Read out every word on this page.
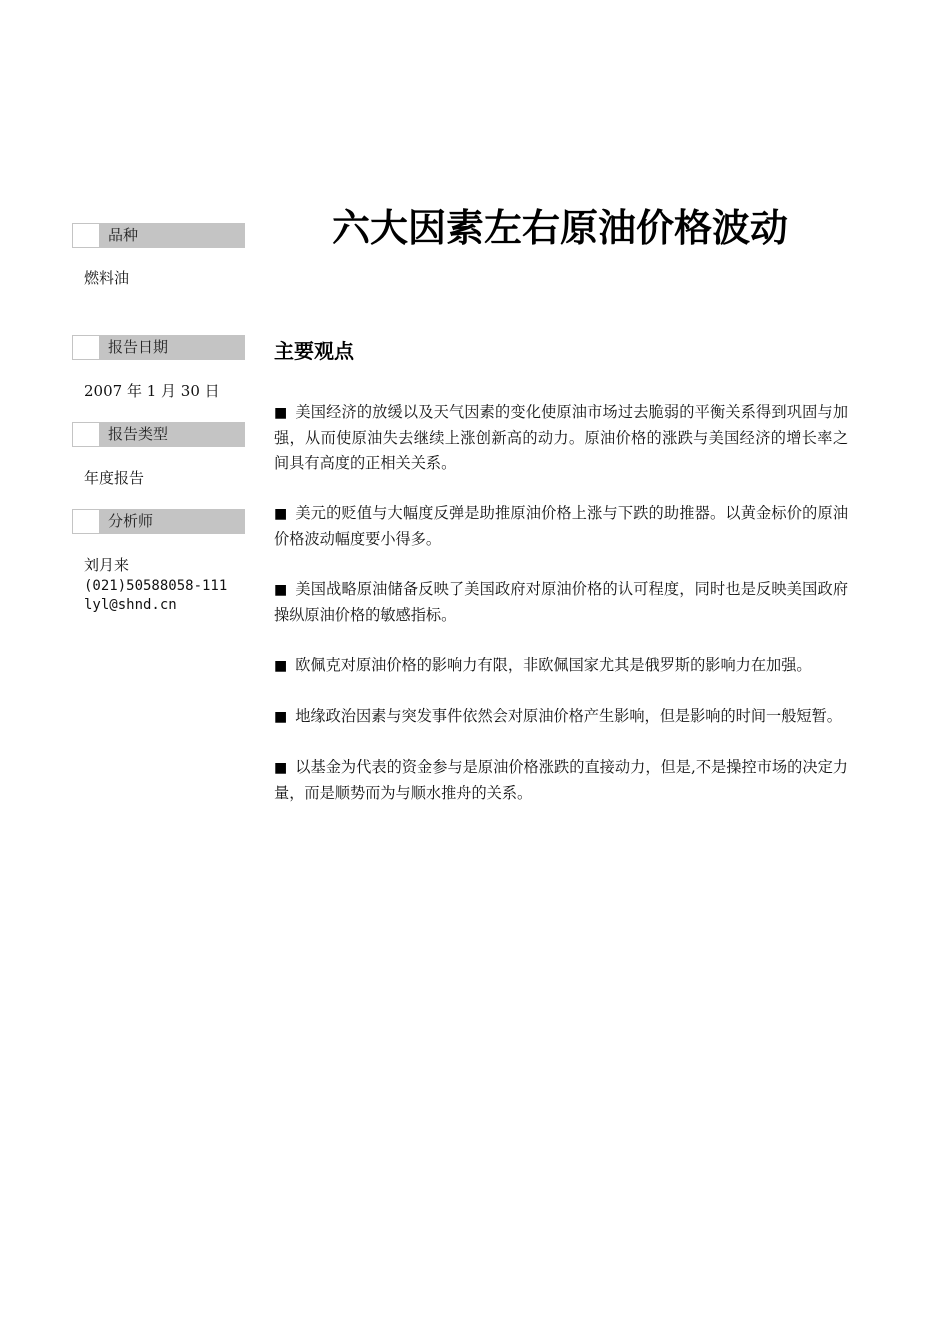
品种
燃料油
报告日期
2007 年 1 月 30 日
报告类型
年度报告
分析师
刘月来
(021)50588058-111
lyl@shnd.cn
六大因素左右原油价格波动
主要观点

■ 美国经济的放缓以及天气因素的变化使原油市场过去脆弱的平衡关系得到巩固与加强，从而使原油失去继续上涨创新高的动力。原油价格的涨跌与美国经济的增长率之间具有高度的正相关关系。

■ 美元的贬值与大幅度反弹是助推原油价格上涨与下跌的助推器。以黄金标价的原油价格波动幅度要小得多。

■ 美国战略原油储备反映了美国政府对原油价格的认可程度，同时也是反映美国政府操纵原油价格的敏感指标。

■ 欧佩克对原油价格的影响力有限，非欧佩国家尤其是俄罗斯的影响力在加强。

■ 地缘政治因素与突发事件依然会对原油价格产生影响，但是影响的时间一般短暂。

■ 以基金为代表的资金参与是原油价格涨跌的直接动力，但是,不是操控市场的决定力量，而是顺势而为与顺水推舟的关系。
